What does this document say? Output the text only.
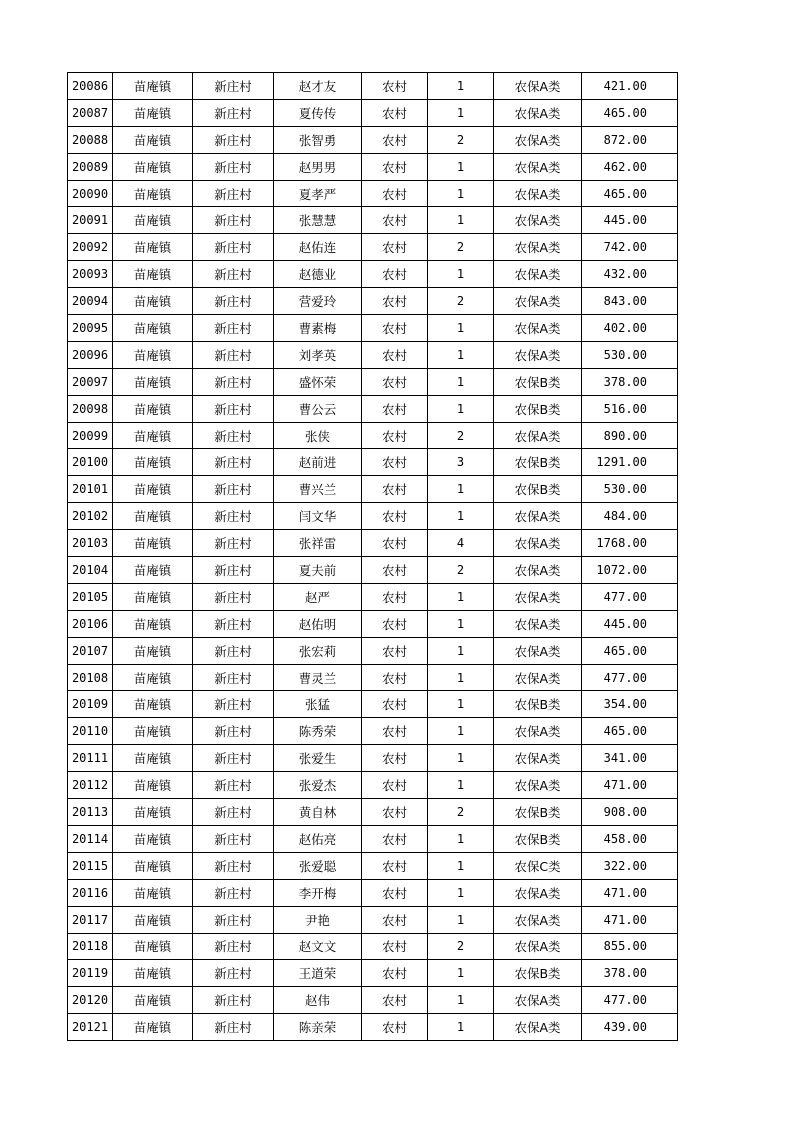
20086	苗庵镇	新庄村	赵才友	农村	1	农保A类	421.00
20087	苗庵镇	新庄村	夏传传	农村	1	农保A类	465.00
20088	苗庵镇	新庄村	张智勇	农村	2	农保A类	872.00
20089	苗庵镇	新庄村	赵男男	农村	1	农保A类	462.00
20090	苗庵镇	新庄村	夏孝严	农村	1	农保A类	465.00
20091	苗庵镇	新庄村	张慧慧	农村	1	农保A类	445.00
20092	苗庵镇	新庄村	赵佑连	农村	2	农保A类	742.00
20093	苗庵镇	新庄村	赵德业	农村	1	农保A类	432.00
20094	苗庵镇	新庄村	营爱玲	农村	2	农保A类	843.00
20095	苗庵镇	新庄村	曹素梅	农村	1	农保A类	402.00
20096	苗庵镇	新庄村	刘孝英	农村	1	农保A类	530.00
20097	苗庵镇	新庄村	盛怀荣	农村	1	农保B类	378.00
20098	苗庵镇	新庄村	曹公云	农村	1	农保B类	516.00
20099	苗庵镇	新庄村	张侠	农村	2	农保A类	890.00
20100	苗庵镇	新庄村	赵前进	农村	3	农保B类	1291.00
20101	苗庵镇	新庄村	曹兴兰	农村	1	农保B类	530.00
20102	苗庵镇	新庄村	闫文华	农村	1	农保A类	484.00
20103	苗庵镇	新庄村	张祥雷	农村	4	农保A类	1768.00
20104	苗庵镇	新庄村	夏夫前	农村	2	农保A类	1072.00
20105	苗庵镇	新庄村	赵严	农村	1	农保A类	477.00
20106	苗庵镇	新庄村	赵佑明	农村	1	农保A类	445.00
20107	苗庵镇	新庄村	张宏莉	农村	1	农保A类	465.00
20108	苗庵镇	新庄村	曹灵兰	农村	1	农保A类	477.00
20109	苗庵镇	新庄村	张猛	农村	1	农保B类	354.00
20110	苗庵镇	新庄村	陈秀荣	农村	1	农保A类	465.00
20111	苗庵镇	新庄村	张爱生	农村	1	农保A类	341.00
20112	苗庵镇	新庄村	张爱杰	农村	1	农保A类	471.00
20113	苗庵镇	新庄村	黄自林	农村	2	农保B类	908.00
20114	苗庵镇	新庄村	赵佑亮	农村	1	农保B类	458.00
20115	苗庵镇	新庄村	张爱聪	农村	1	农保C类	322.00
20116	苗庵镇	新庄村	李开梅	农村	1	农保A类	471.00
20117	苗庵镇	新庄村	尹艳	农村	1	农保A类	471.00
20118	苗庵镇	新庄村	赵文文	农村	2	农保A类	855.00
20119	苗庵镇	新庄村	王道荣	农村	1	农保B类	378.00
20120	苗庵镇	新庄村	赵伟	农村	1	农保A类	477.00
20121	苗庵镇	新庄村	陈亲荣	农村	1	农保A类	439.00
